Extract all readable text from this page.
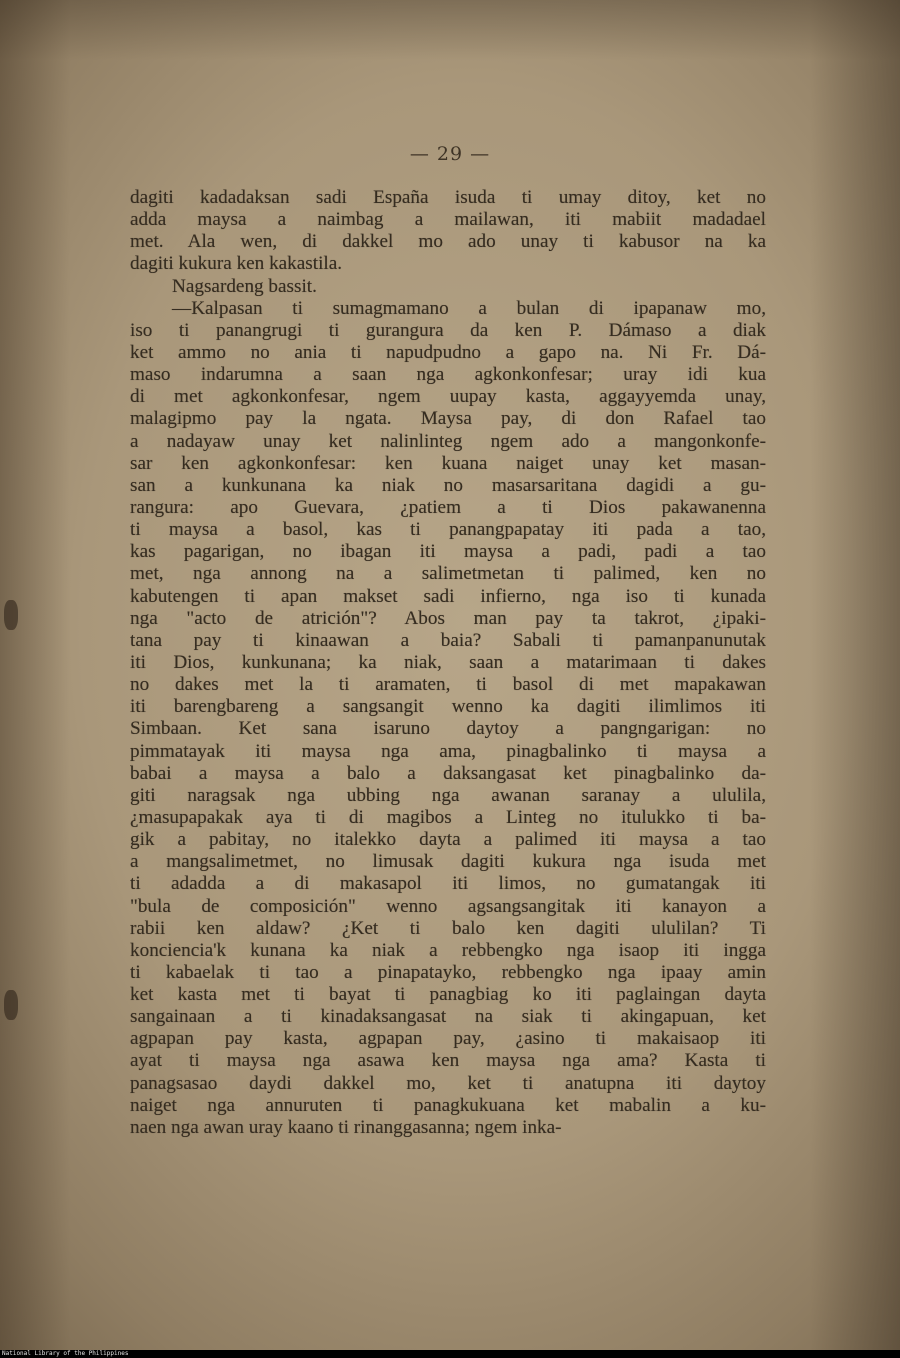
— 29 —
dagiti kadadaksan sadi España isuda ti umay ditoy, ket no
adda maysa a naimbag a mailawan, iti mabiit madadael
met. Ala wen, di dakkel mo ado unay ti kabusor na ka
dagiti kukura ken kakastila.
Nagsardeng bassit.
—Kalpasan ti sumagmamano a bulan di ipapanaw mo,
iso ti panangrugi ti gurangura da ken P. Dámaso a diak
ket ammo no ania ti napudpudno a gapo na. Ni Fr. Dá-
maso indarumna a saan nga agkonkonfesar; uray idi kua
di met agkonkonfesar, ngem uupay kasta, aggayyemda unay,
malagipmo pay la ngata. Maysa pay, di don Rafael tao
a nadayaw unay ket nalinlinteg ngem ado a mangonkonfe-
sar ken agkonkonfesar: ken kuana naiget unay ket masan-
san a kunkunana ka niak no masarsaritana dagidi a gu-
rangura: apo Guevara, ¿patiem a ti Dios pakawanenna
ti maysa a basol, kas ti panangpapatay iti pada a tao,
kas pagarigan, no ibagan iti maysa a padi, padi a tao
met, nga annong na a salimetmetan ti palimed, ken no
kabutengen ti apan makset sadi infierno, nga iso ti kunada
nga "acto de atrición"? Abos man pay ta takrot, ¿ipaki-
tana pay ti kinaawan a baia? Sabali ti pamanpanunutak
iti Dios, kunkunana; ka niak, saan a matarimaan ti dakes
no dakes met la ti aramaten, ti basol di met mapakawan
iti barengbareng a sangsangit wenno ka dagiti ilimlimos iti
Simbaan. Ket sana isaruno daytoy a pangngarigan: no
pimmatayak iti maysa nga ama, pinagbalinko ti maysa a
babai a maysa a balo a daksangasat ket pinagbalinko da-
giti naragsak nga ubbing nga awanan saranay a ululila,
¿masupapakak aya ti di magibos a Linteg no itulukko ti ba-
gik a pabitay, no italekko dayta a palimed iti maysa a tao
a mangsalimetmet, no limusak dagiti kukura nga isuda met
ti adadda a di makasapol iti limos, no gumatangak iti
"bula de composición" wenno agsangsangitak iti kanayon a
rabii ken aldaw? ¿Ket ti balo ken dagiti ululilan? Ti
konciencia'k kunana ka niak a rebbengko nga isaop iti ingga
ti kabaelak ti tao a pinapatayko, rebbengko nga ipaay amin
ket kasta met ti bayat ti panagbiag ko iti paglaingan dayta
sangainaan a ti kinadaksangasat na siak ti akingapuan, ket
agpapan pay kasta, agpapan pay, ¿asino ti makaisaop iti
ayat ti maysa nga asawa ken maysa nga ama? Kasta ti
panagsasao daydi dakkel mo, ket ti anatupna iti daytoy
naiget nga annuruten ti panagkukuana ket mabalin a ku-
naen nga awan uray kaano ti rinanggasanna; ngem inka-
National Library of the Philippines
